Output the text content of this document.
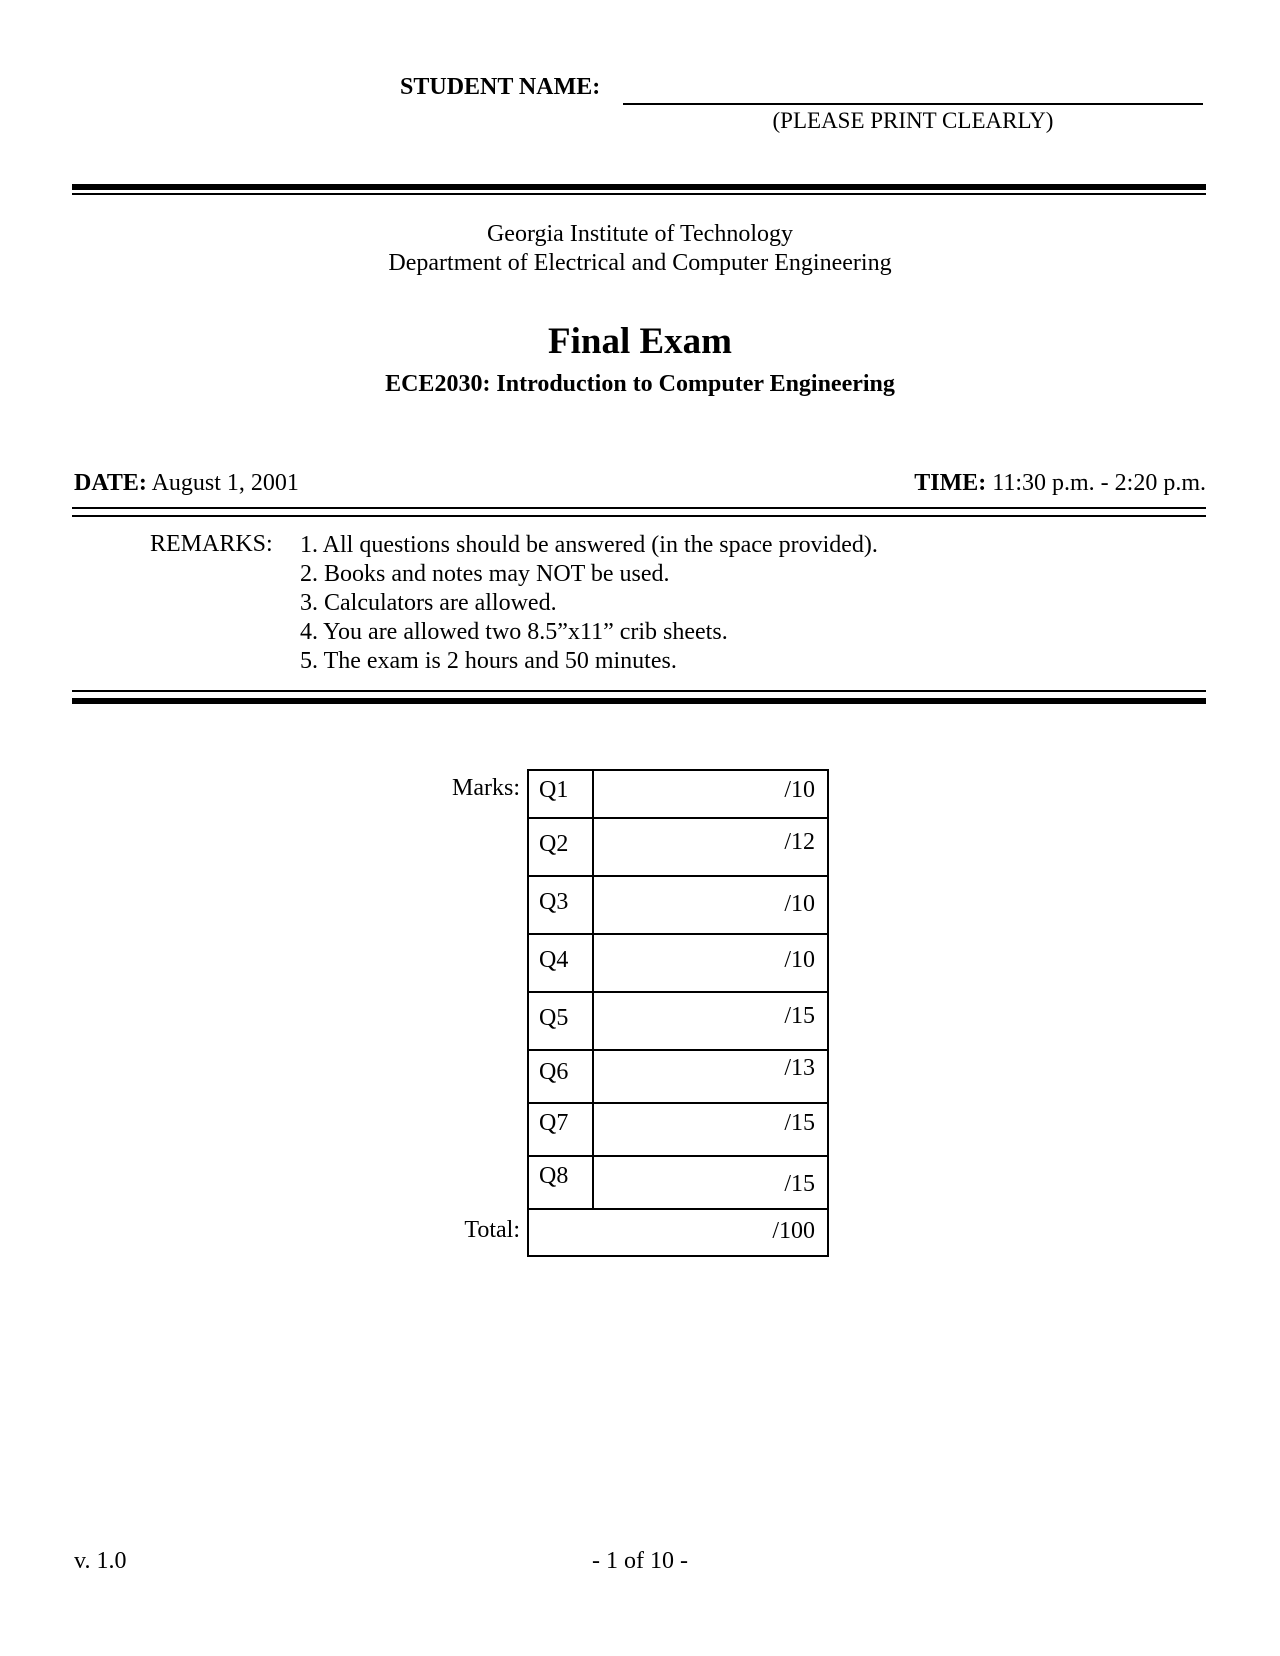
STUDENT NAME:
(PLEASE PRINT CLEARLY)
Georgia Institute of Technology
Department of Electrical and Computer Engineering
Final Exam
ECE2030: Introduction to Computer Engineering
DATE: August 1, 2001	TIME: 11:30 p.m. - 2:20 p.m.
REMARKS: 1. All questions should be answered (in the space provided).
2. Books and notes may NOT be used.
3. Calculators are allowed.
4. You are allowed two 8.5”x11” crib sheets.
5. The exam is 2 hours and 50 minutes.
Marks:
Total:
Q1	/10
Q2	/12
Q3	/10
Q4	/10
Q5	/15
Q6	/13
Q7	/15
Q8	/15
/100
v. 1.0	- 1 of 10 -
